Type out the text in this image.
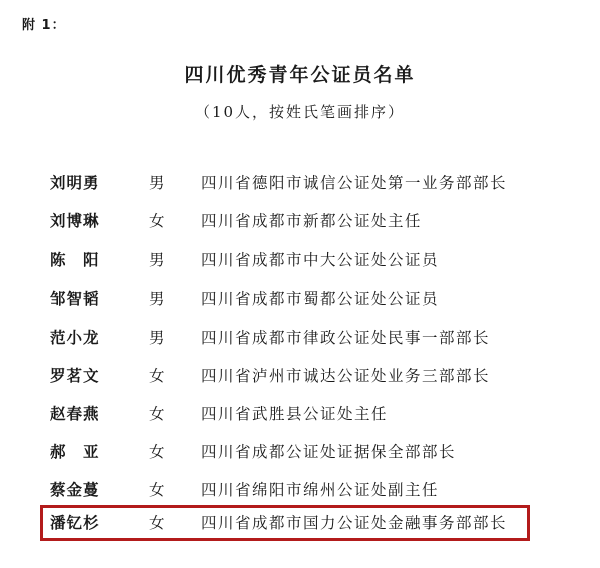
附 1：
四川优秀青年公证员名单
（10人，按姓氏笔画排序）
刘明勇	男	四川省德阳市诚信公证处第一业务部部长
刘博琳	女	四川省成都市新都公证处主任
陈　阳	男	四川省成都市中大公证处公证员
邹智韬	男	四川省成都市蜀都公证处公证员
范小龙	男	四川省成都市律政公证处民事一部部长
罗茗文	女	四川省泸州市诚达公证处业务三部部长
赵春燕	女	四川省武胜县公证处主任
郝　亚	女	四川省成都公证处证据保全部部长
蔡金蔓	女	四川省绵阳市绵州公证处副主任
潘钇杉	女	四川省成都市国力公证处金融事务部部长
